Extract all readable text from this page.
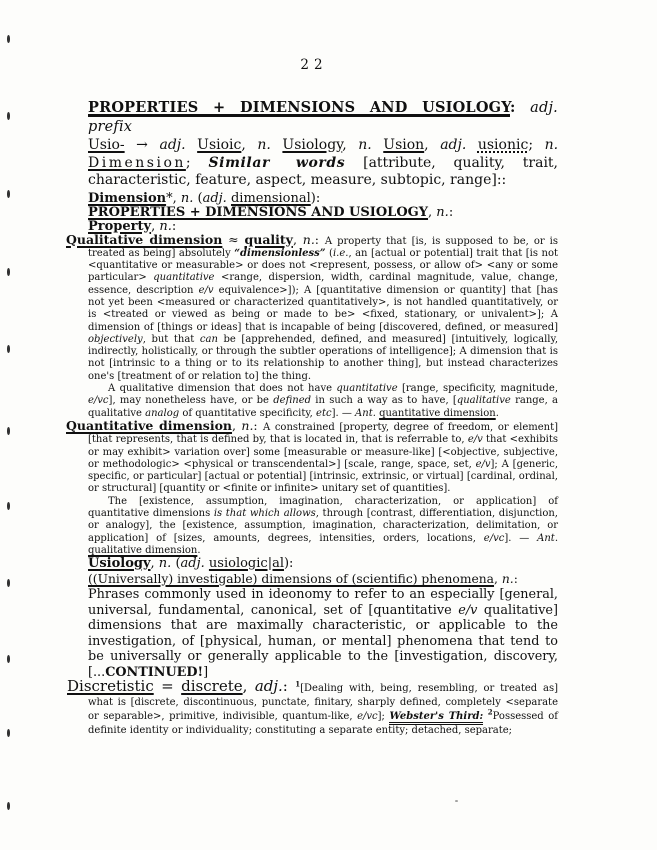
22

PROPERTIES + DIMENSIONS AND USIOLOGY: adj. prefix

Usio- → adj. Usioic, n. Usiology, n. Usion, adj. usionic; n. Dimension; Similar words [attribute, quality, trait, characteristic, feature, aspect, measure, subtopic, range]::

Dimension*, n. (adj. dimensional):

PROPERTIES + DIMENSIONS AND USIOLOGY, n.:

Property, n.:

Qualitative dimension ≈ quality, n.: A property that [is, is supposed to be, or is treated as being] absolutely “dimensionless” (i.e., an [actual or potential] trait that [is not <quantitative or measurable> or does not <represent, possess, or allow of> <any or some particular> quantitative <range, dispersion, width, cardinal magnitude, value, change, essence, description e/v equivalence>]); A [quantitative dimension or quantity] that [has not yet been <measured or characterized quantitatively>, is not handled quantitatively, or is <treated or viewed as being or made to be> <fixed, stationary, or univalent>]; A dimension of [things or ideas] that is incapable of being [discovered, defined, or measured] objectively, but that can be [apprehended, defined, and measured] [intuitively, logically, indirectly, holistically, or through the subtler operations of intelligence]; A dimension that is not [intrinsic to a thing or to its relationship to another thing], but instead characterizes one's [treatment of or relation to] the thing.

A qualitative dimension that does not have quantitative [range, specificity, magnitude, e/vc], may nonetheless have, or be defined in such a way as to have, [qualitative range, a qualitative analog of quantitative specificity, etc]. — Ant. quantitative dimension.

Quantitative dimension, n.: A constrained [property, degree of freedom, or element] [that represents, that is defined by, that is located in, that is referrable to, e/v that <exhibits or may exhibit> variation over] some [measurable or measure-like] [<objective, subjective, or methodologic> <physical or transcendental>] [scale, range, space, set, e/v]; A [generic, specific, or particular] [actual or potential] [intrinsic, extrinsic, or virtual] [cardinal, ordinal, or structural] [quantity or <finite or infinite> unitary set of quantities].

The [existence, assumption, imagination, characterization, or application] of quantitative dimensions is that which allows, through [contrast, differentiation, disjunction, or analogy], the [existence, assumption, imagination, characterization, delimitation, or application] of [sizes, amounts, degrees, intensities, orders, locations, e/vc]. — Ant. qualitative dimension.

Usiology, n. (adj. usiologic|al):

((Universally) investigable) dimensions of (scientific) phenomena, n.:

Phrases commonly used in ideonomy to refer to an especially [general, universal, fundamental, canonical, set of [quantitative e/v qualitative] dimensions that are maximally characteristic, or applicable to the investigation, of [physical, human, or mental] phenomena that tend to be universally or generally applicable to the [investigation, discovery, [...CONTINUED!]

Discretistic = discrete, adj.: $^1$[Dealing with, being, resembling, or treated as] what is [discrete, discontinuous, punctate, finitary, sharply defined, completely <separate or separable>, primitive, indivisible, quantum-like, e/vc]; Webster's Third: $^2$Possessed of definite identity or individuality; constituting a separate entity; detached, separate;
